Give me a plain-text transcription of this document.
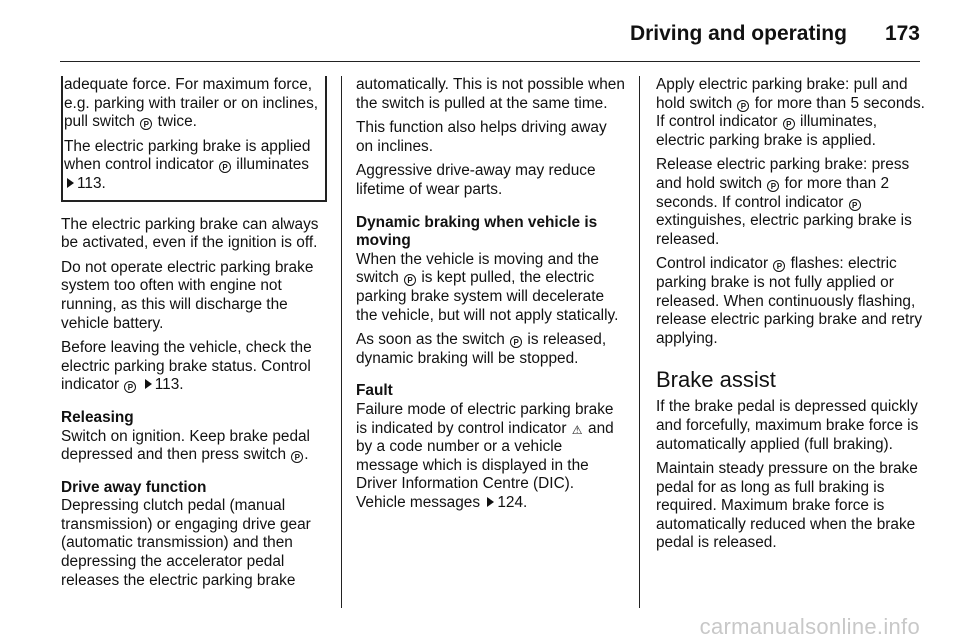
Driving and operating 173

adequate force. For maximum force, e.g. parking with trailer or on inclines, pull switch P twice.

The electric parking brake is applied when control indicator P illuminates 113.

The electric parking brake can always be activated, even if the ignition is off.

Do not operate electric parking brake system too often with engine not running, as this will discharge the vehicle battery.

Before leaving the vehicle, check the electric parking brake status. Control indicator P 113.

Releasing

Switch on ignition. Keep brake pedal depressed and then press switch P .

Drive away function

Depressing clutch pedal (manual transmission) or engaging drive gear (automatic transmission) and then depressing the accelerator pedal releases the electric parking brake

automatically. This is not possible when the switch is pulled at the same time.

This function also helps driving away on inclines.

Aggressive drive-away may reduce lifetime of wear parts.

Dynamic braking when vehicle is moving

When the vehicle is moving and the switch P is kept pulled, the electric parking brake system will decelerate the vehicle, but will not apply statically.

As soon as the switch P is released, dynamic braking will be stopped.

Fault

Failure mode of electric parking brake is indicated by control indicator ⚠ and by a code number or a vehicle message which is displayed in the Driver Information Centre (DIC). Vehicle messages 124.

Apply electric parking brake: pull and hold switch P for more than 5 seconds. If control indicator P illuminates, electric parking brake is applied.

Release electric parking brake: press and hold switch P for more than 2 seconds. If control indicator P extinguishes, electric parking brake is released.

Control indicator P flashes: electric parking brake is not fully applied or released. When continuously flashing, release electric parking brake and retry applying.

Brake assist

If the brake pedal is depressed quickly and forcefully, maximum brake force is automatically applied (full braking).

Maintain steady pressure on the brake pedal for as long as full braking is required. Maximum brake force is automatically reduced when the brake pedal is released.

carmanualsonline.info
